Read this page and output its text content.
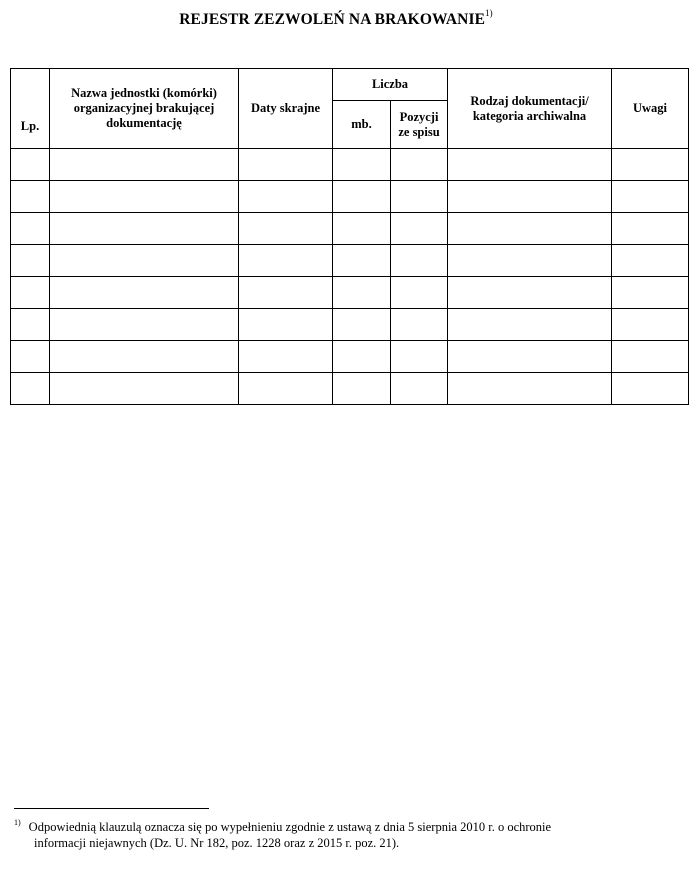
REJESTR ZEZWOLEŃ NA BRAKOWANIE$^{1)}$
Lp.	Nazwa jednostki (komórki) organizacyjnej brakującej dokumentację	Daty skrajne	Liczba		Rodzaj dokumentacji/ kategoria archiwalna	Uwagi
			mb.	Pozycji ze spisu		

$^{1)}$ Odpowiednią klauzulą oznacza się po wypełnieniu zgodnie z ustawą z dnia 5 sierpnia 2010 r. o ochronie
informacji niejawnych (Dz. U. Nr 182, poz. 1228 oraz z 2015 r. poz. 21).
